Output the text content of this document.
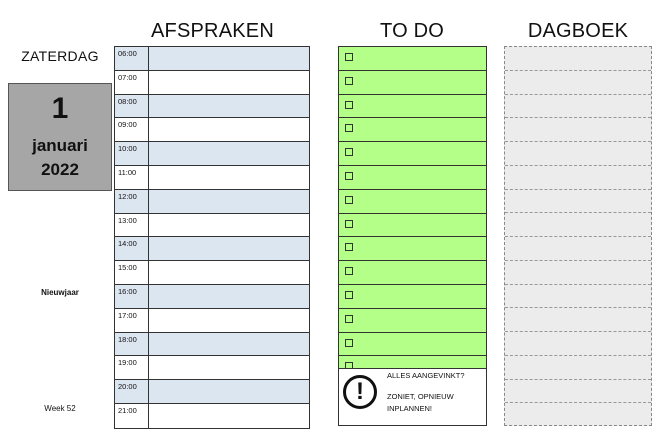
AFSPRAKEN	TO DO	DAGBOEK
ZATERDAG
1
januari
2022
Nieuwjaar
Week 52
06:00
07:00
08:00
09:00
10:00
11:00
12:00
13:00
14:00
15:00
16:00
17:00
18:00
19:00
20:00
21:00
!
ALLES AANGEVINKT?
ZONIET, OPNIEUW INPLANNEN!
